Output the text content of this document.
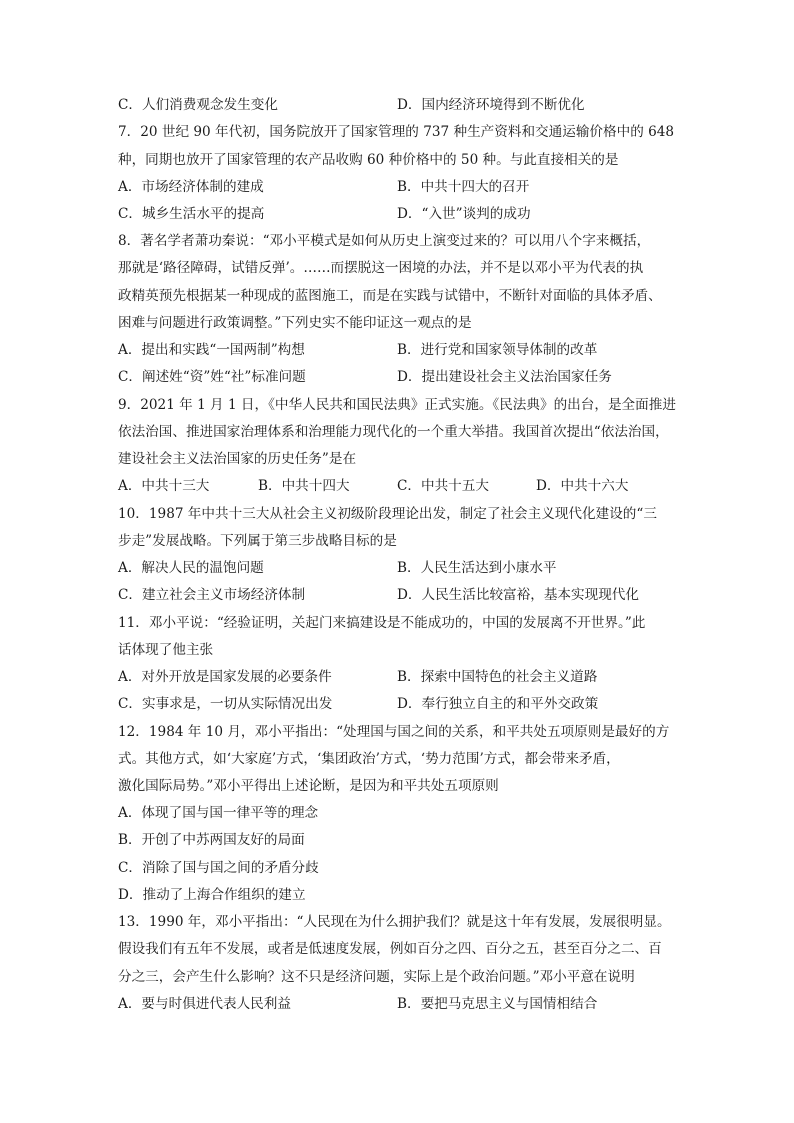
C．人们消费观念发生变化	D．国内经济环境得到不断优化
7．20 世纪 90 年代初，国务院放开了国家管理的 737 种生产资料和交通运输价格中的 648
种，同期也放开了国家管理的农产品收购 60 种价格中的 50 种。与此直接相关的是
A．市场经济体制的建成	B．中共十四大的召开
C．城乡生活水平的提高	D．“入世”谈判的成功
8．著名学者萧功秦说：“邓小平模式是如何从历史上演变过来的？可以用八个字来概括，
那就是‘路径障碍，试错反弹’。……而摆脱这一困境的办法，并不是以邓小平为代表的执
政精英预先根据某一种现成的蓝图施工，而是在实践与试错中，不断针对面临的具体矛盾、
困难与问题进行政策调整。”下列史实不能印证这一观点的是
A．提出和实践“一国两制”构想	B．进行党和国家领导体制的改革
C．阐述姓“资”姓“社”标准问题	D．提出建设社会主义法治国家任务
9．2021 年 1 月 1 日，《中华人民共和国民法典》正式实施。《民法典》的出台，是全面推进
依法治国、推进国家治理体系和治理能力现代化的一个重大举措。我国首次提出“依法治国，
建设社会主义法治国家的历史任务”是在
A．中共十三大	B．中共十四大	C．中共十五大	D．中共十六大
10．1987 年中共十三大从社会主义初级阶段理论出发，制定了社会主义现代化建设的“三
步走”发展战略。下列属于第三步战略目标的是
A．解决人民的温饱问题	B．人民生活达到小康水平
C．建立社会主义市场经济体制	D．人民生活比较富裕，基本实现现代化
11．邓小平说：“经验证明，关起门来搞建设是不能成功的，中国的发展离不开世界。”此
话体现了他主张
A．对外开放是国家发展的必要条件	B．探索中国特色的社会主义道路
C．实事求是，一切从实际情况出发	D．奉行独立自主的和平外交政策
12．1984 年 10 月，邓小平指出：“处理国与国之间的关系，和平共处五项原则是最好的方
式。其他方式，如‘大家庭’方式，‘集团政治’方式，‘势力范围’方式，都会带来矛盾，
激化国际局势。”邓小平得出上述论断，是因为和平共处五项原则
A．体现了国与国一律平等的理念
B．开创了中苏两国友好的局面
C．消除了国与国之间的矛盾分歧
D．推动了上海合作组织的建立
13．1990 年，邓小平指出：“人民现在为什么拥护我们？就是这十年有发展，发展很明显。
假设我们有五年不发展，或者是低速度发展，例如百分之四、百分之五，甚至百分之二、百
分之三，会产生什么影响？这不只是经济问题，实际上是个政治问题。”邓小平意在说明
A．要与时俱进代表人民利益	B．要把马克思主义与国情相结合
